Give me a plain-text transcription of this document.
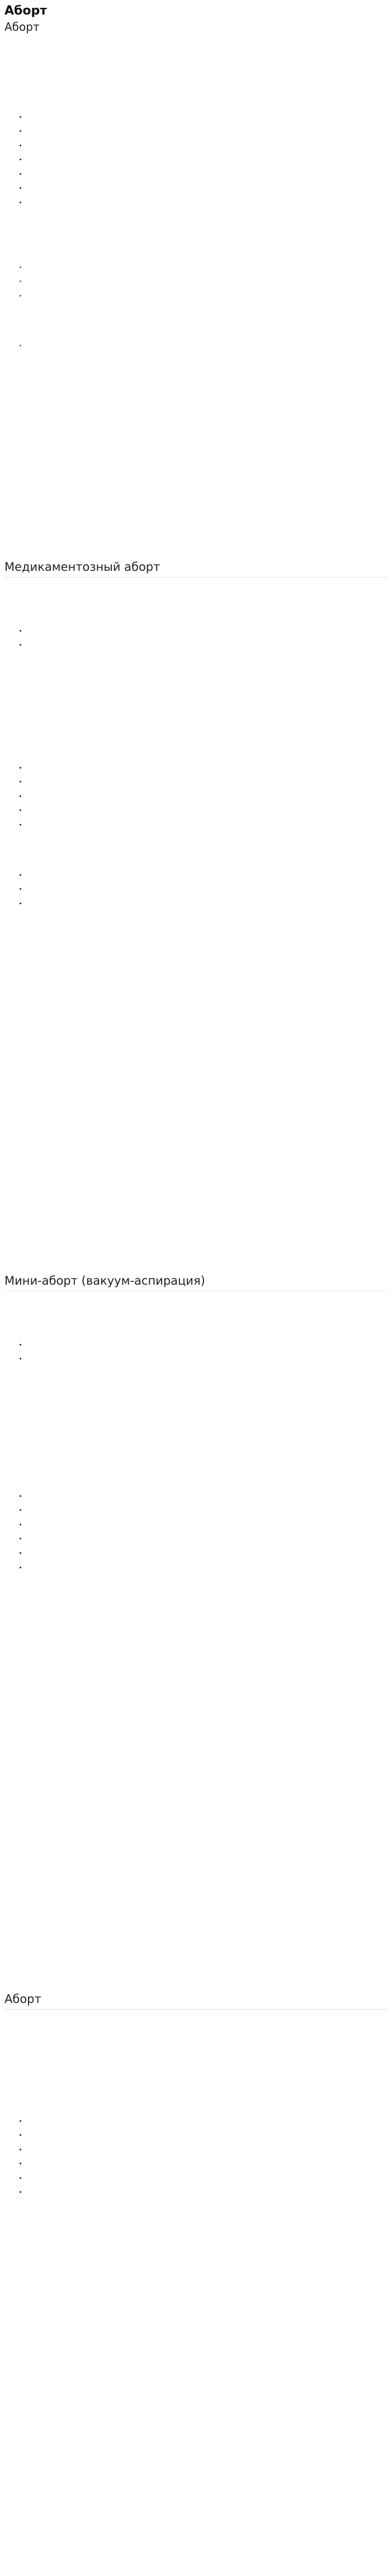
Аборт
Аборт

•
•
•
•
•
•
•

•
•
•

•
Медикаментозный аборт

•
•

•
•
•
•
•

•
•
•
Мини-аборт (вакуум-аспирация)

•
•

•
•
•
•
•
•
Аборт

•
•
•
•
•
•
